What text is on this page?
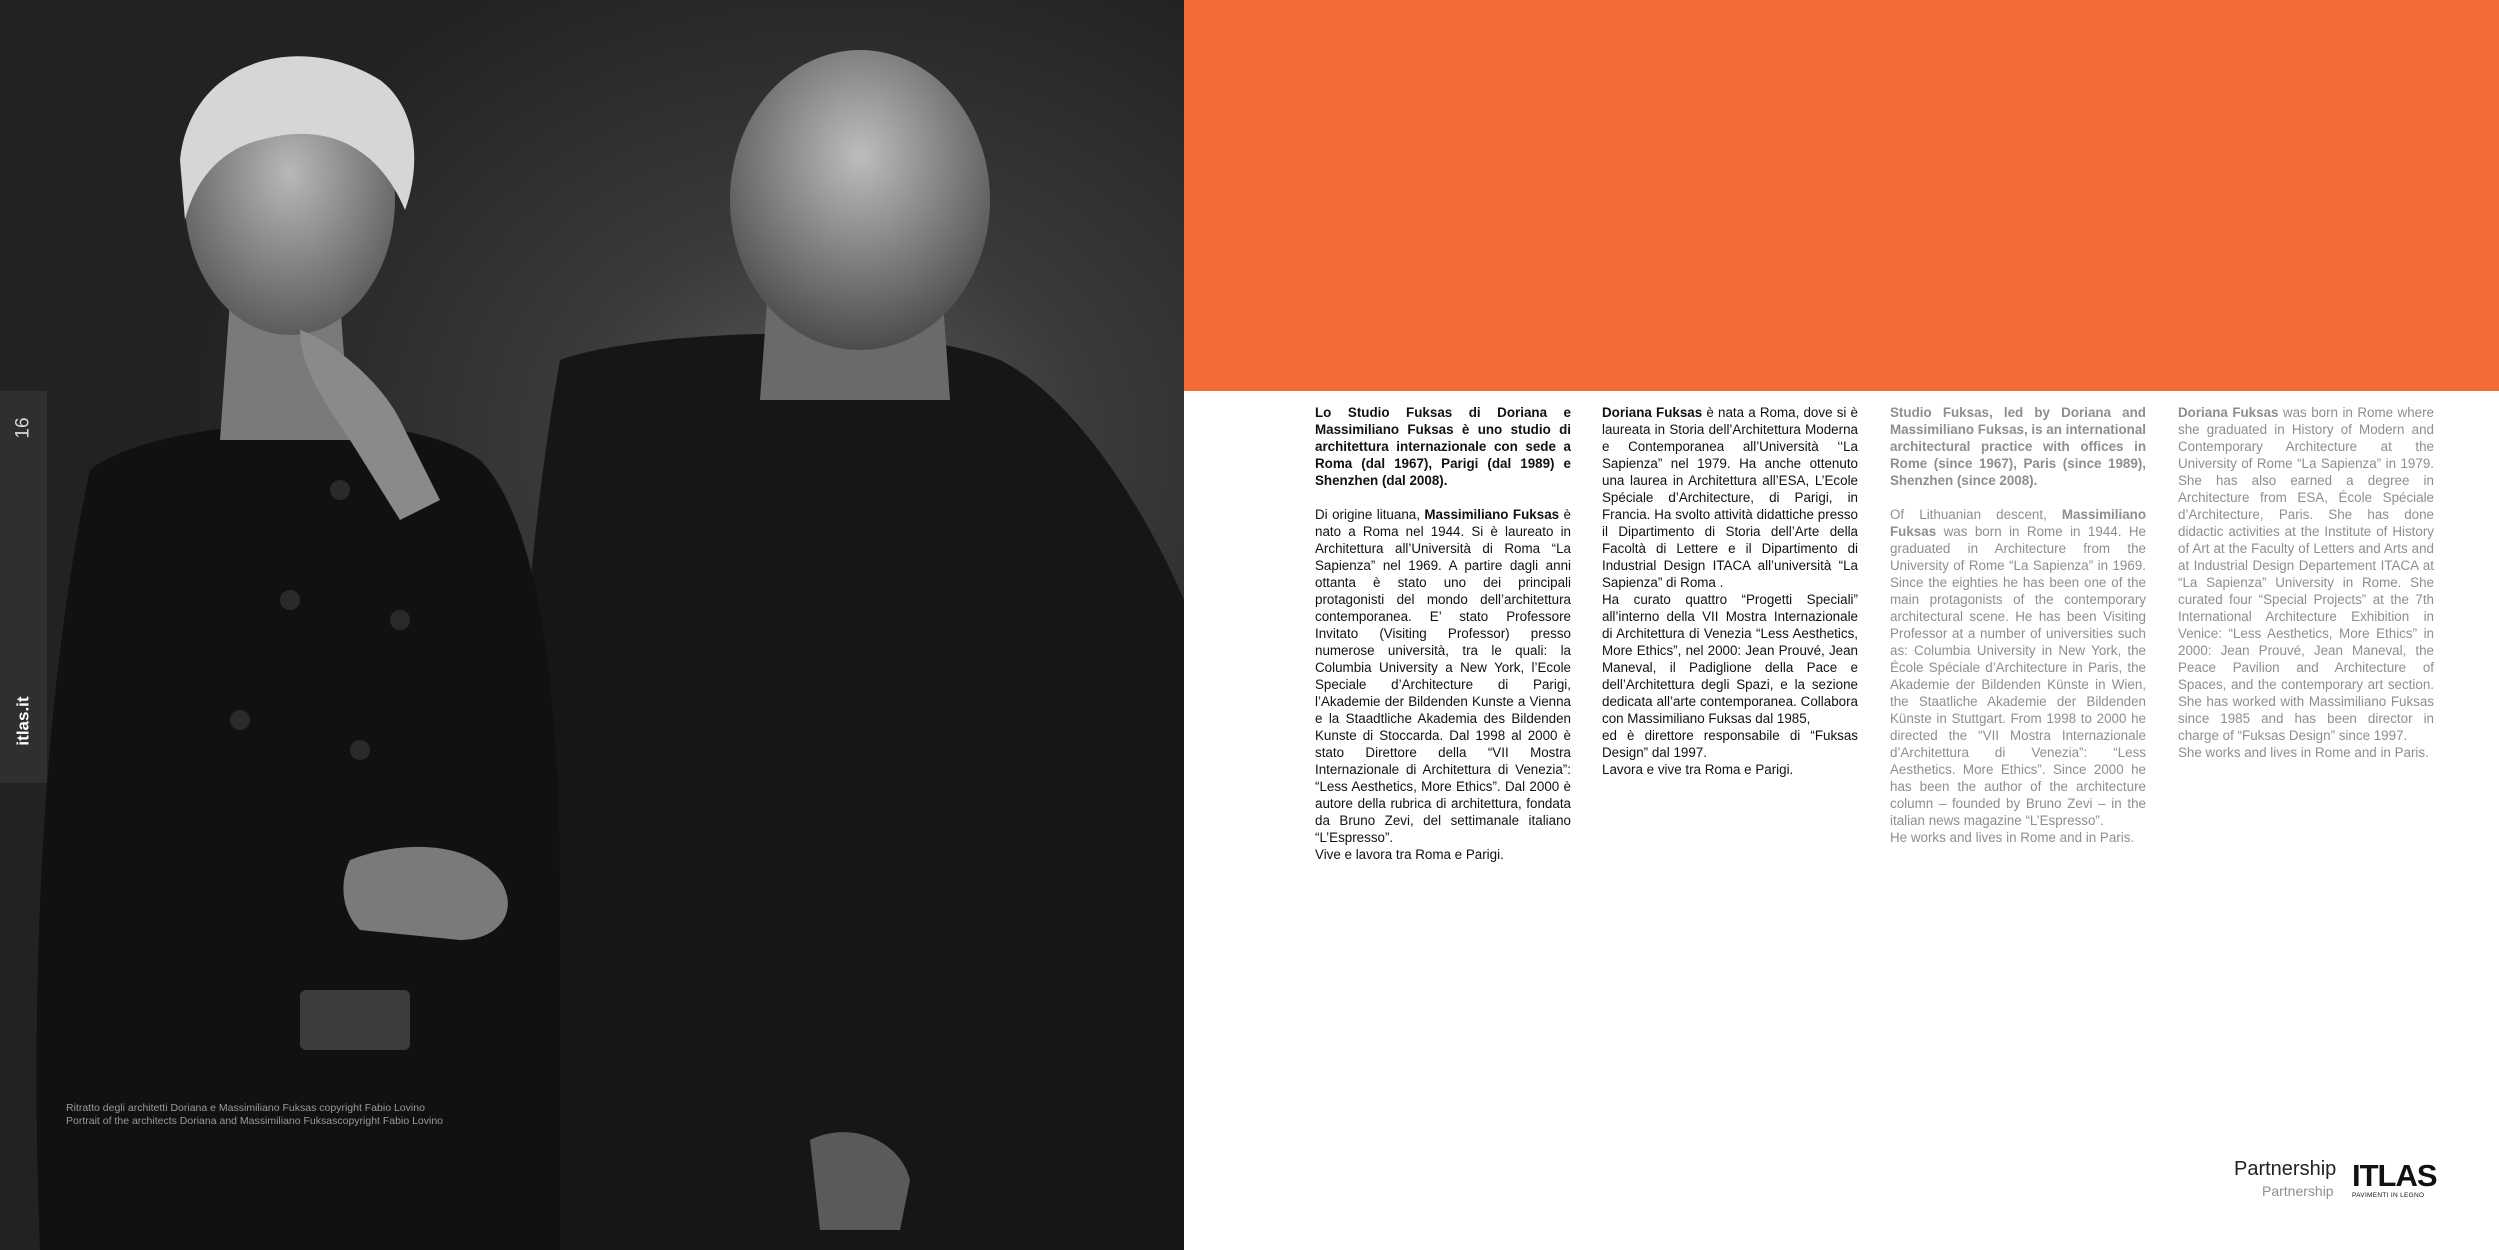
16
itlas.it
Ritratto degli architetti Doriana e Massimiliano Fuksas copyright Fabio Lovino
Portrait of the architects Doriana and Massimiliano Fuksascopyright Fabio Lovino

Lo Studio Fuksas di Doriana e Massimiliano Fuksas è uno studio di architettura internazionale con sede a Roma (dal 1967), Parigi (dal 1989) e Shenzhen (dal 2008).

Di origine lituana, Massimiliano Fuksas è nato a Roma nel 1944. Si è laureato in Architettura all’Università di Roma “La Sapienza” nel 1969. A partire dagli anni ottanta è stato uno dei principali protagonisti del mondo dell’architettura contemporanea. E’ stato Professore Invitato (Visiting Professor) presso numerose università, tra le quali: la Columbia University a New York, l’Ecole Speciale d’Architecture di Parigi, l’Akademie der Bildenden Kunste a Vienna e la Staadtliche Akademia des Bildenden Kunste di Stoccarda. Dal 1998 al 2000 è stato Direttore della “VII Mostra Internazionale di Architettura di Venezia”: “Less Aesthetics, More Ethics”. Dal 2000 è autore della rubrica di architettura, fondata da Bruno Zevi, del settimanale italiano “L’Espresso”.
Vive e lavora tra Roma e Parigi.

Doriana Fuksas è nata a Roma, dove si è laureata in Storia dell’Architettura Moderna e Contemporanea all’Università ‘‘La Sapienza” nel 1979. Ha anche ottenuto una laurea in Architettura all’ESA, L’Ecole Spéciale d’Architecture, di Parigi, in Francia. Ha svolto attività didattiche presso il Dipartimento di Storia dell’Arte della Facoltà di Lettere e il Dipartimento di Industrial Design ITACA all’università “La Sapienza” di Roma .
Ha curato quattro “Progetti Speciali” all’interno della VII Mostra Internazionale di Architettura di Venezia “Less Aesthetics, More Ethics”, nel 2000: Jean Prouvé, Jean Maneval, il Padiglione della Pace e dell’Architettura degli Spazi, e la sezione dedicata all’arte contemporanea. Collabora con Massimiliano Fuksas dal 1985,
ed è direttore responsabile di “Fuksas Design” dal 1997.
Lavora e vive tra Roma e Parigi.

Studio Fuksas, led by Doriana and Massimiliano Fuksas, is an international architectural practice with offices in Rome (since 1967), Paris (since 1989), Shenzhen (since 2008).

Of Lithuanian descent, Massimiliano Fuksas was born in Rome in 1944. He graduated in Architecture from the University of Rome “La Sapienza” in 1969. Since the eighties he has been one of the main protagonists of the contemporary architectural scene. He has been Visiting Professor at a number of universities such as: Columbia University in New York, the École Spéciale d’Architecture in Paris, the Akademie der Bildenden Künste in Wien, the Staatliche Akademie der Bildenden Künste in Stuttgart. From 1998 to 2000 he directed the “VII Mostra Internazionale d’Architettura di Venezia”: “Less Aesthetics. More Ethics”. Since 2000 he has been the author of the architecture column – founded by Bruno Zevi – in the italian news magazine “L’Espresso”.
He works and lives in Rome and in Paris.

Doriana Fuksas was born in Rome where she graduated in History of Modern and Contemporary Architecture at the University of Rome “La Sapienza” in 1979. She has also earned a degree in Architecture from ESA, École Spéciale d’Architecture, Paris. She has done didactic activities at the Institute of History of Art at the Faculty of Letters and Arts and at Industrial Design Departement ITACA at “La Sapienza” University in Rome. She curated four “Special Projects” at the 7th International Architecture Exhibition in Venice: “Less Aesthetics, More Ethics” in 2000: Jean Prouvé, Jean Maneval, the Peace Pavilion and Architecture of Spaces, and the contemporary art section. She has worked with Massimiliano Fuksas since 1985 and has been director in charge of “Fuksas Design” since 1997.
She works and lives in Rome and in Paris.

Partnership
Partnership ITLAS
PAVIMENTI IN LEGNO
